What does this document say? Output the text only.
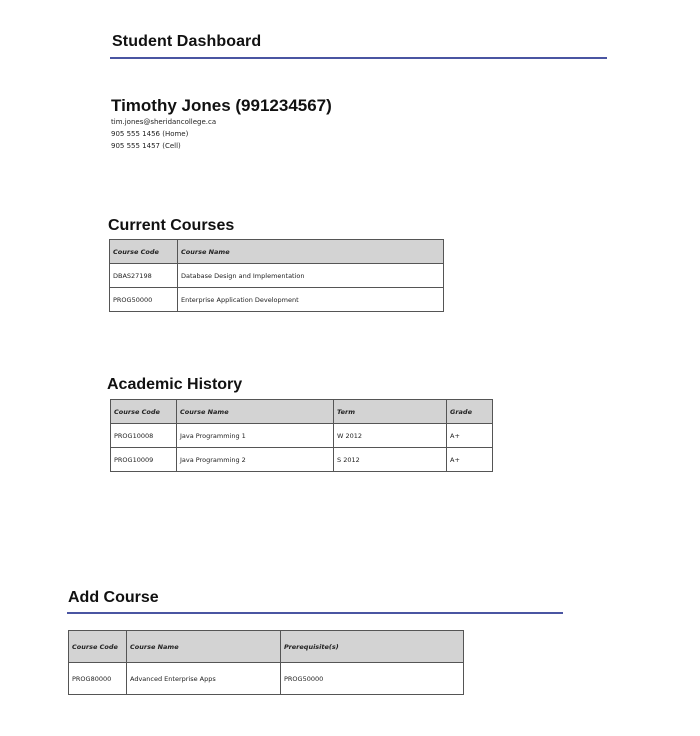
Student Dashboard
Timothy Jones (991234567)
tim.jones@sheridancollege.ca
905 555 1456 (Home)
905 555 1457 (Cell)
Current Courses
Course Code	Course Name
DBAS27198	Database Design and Implementation
PROG50000	Enterprise Application Development
Academic History
Course Code	Course Name	Term	Grade
PROG10008	Java Programming 1	W 2012	A+
PROG10009	Java Programming 2	S 2012	A+
Add Course
Course Code	Course Name	Prerequisite(s)
PROG80000	Advanced Enterprise Apps	PROG50000
